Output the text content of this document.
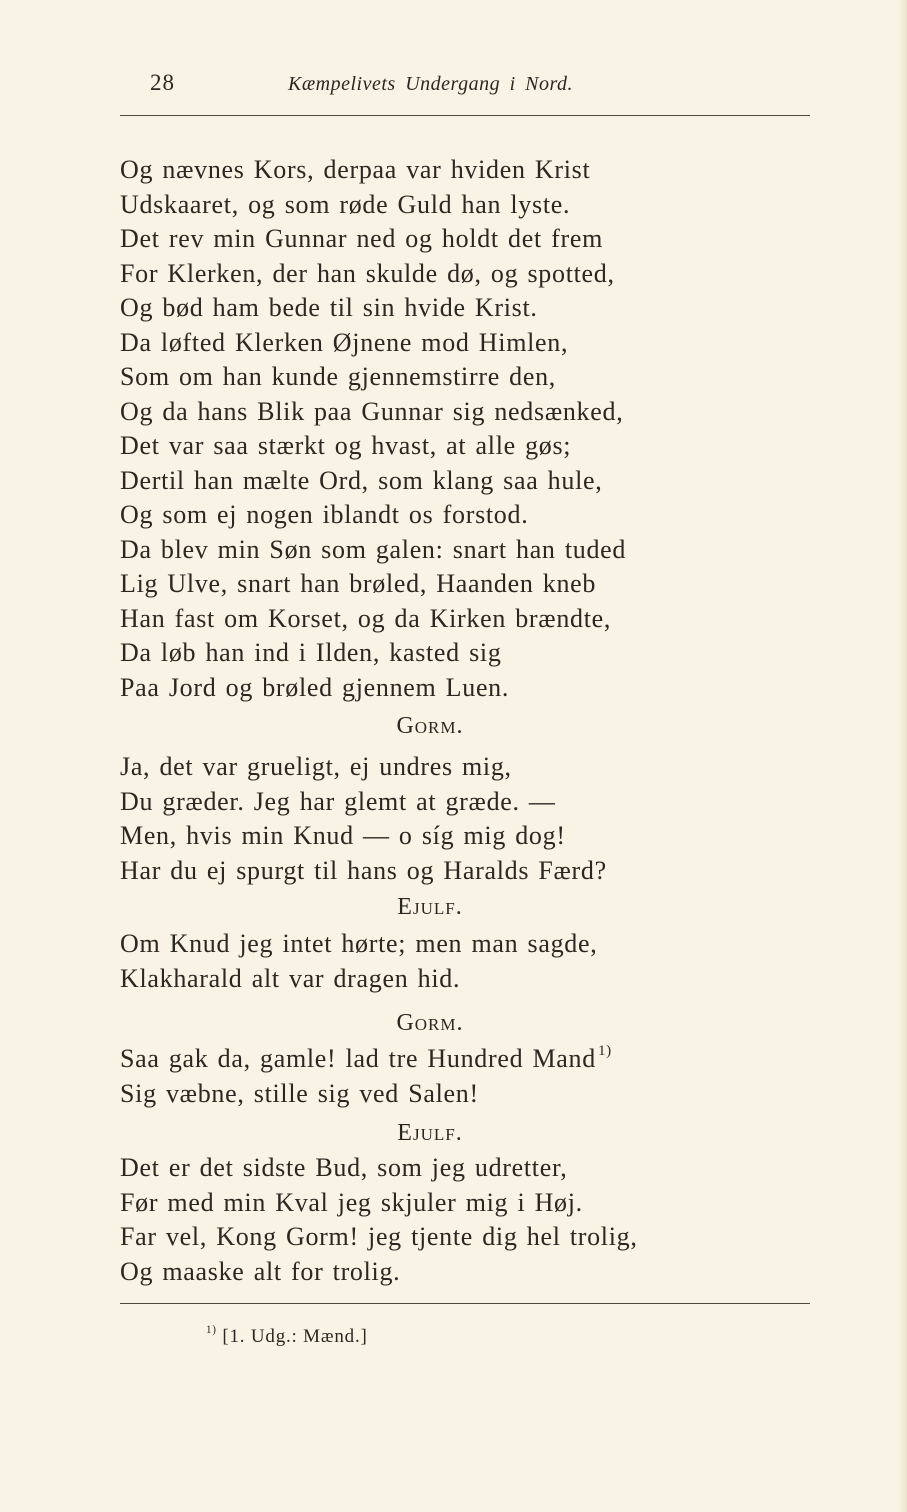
28	Kæmpelivets Undergang i Nord.
Og nævnes Kors, derpaa var hviden Krist
Udskaaret, og som røde Guld han lyste.
Det rev min Gunnar ned og holdt det frem
For Klerken, der han skulde dø, og spotted,
Og bød ham bede til sin hvide Krist.
Da løfted Klerken Øjnene mod Himlen,
Som om han kunde gjennemstirre den,
Og da hans Blik paa Gunnar sig nedsænked,
Det var saa stærkt og hvast, at alle gøs;
Dertil han mælte Ord, som klang saa hule,
Og som ej nogen iblandt os forstod.
Da blev min Søn som galen: snart han tuded
Lig Ulve, snart han brøled, Haanden kneb
Han fast om Korset, og da Kirken brændte,
Da løb han ind i Ilden, kasted sig
Paa Jord og brøled gjennem Luen.
Gorm.
Ja, det var grueligt, ej undres mig,
Du græder. Jeg har glemt at græde. —
Men, hvis min Knud — o síg mig dog!
Har du ej spurgt til hans og Haralds Færd?
Ejulf.
Om Knud jeg intet hørte; men man sagde,
Klakharald alt var dragen hid.
Gorm.
Saa gak da, gamle! lad tre Hundred Mand $^{1)}$
Sig væbne, stille sig ved Salen!
Ejulf.
Det er det sidste Bud, som jeg udretter,
Før med min Kval jeg skjuler mig i Høj.
Far vel, Kong Gorm! jeg tjente dig hel trolig,
Og maaske alt for trolig.
$^{1)}$ [1. Udg.: Mænd.]
